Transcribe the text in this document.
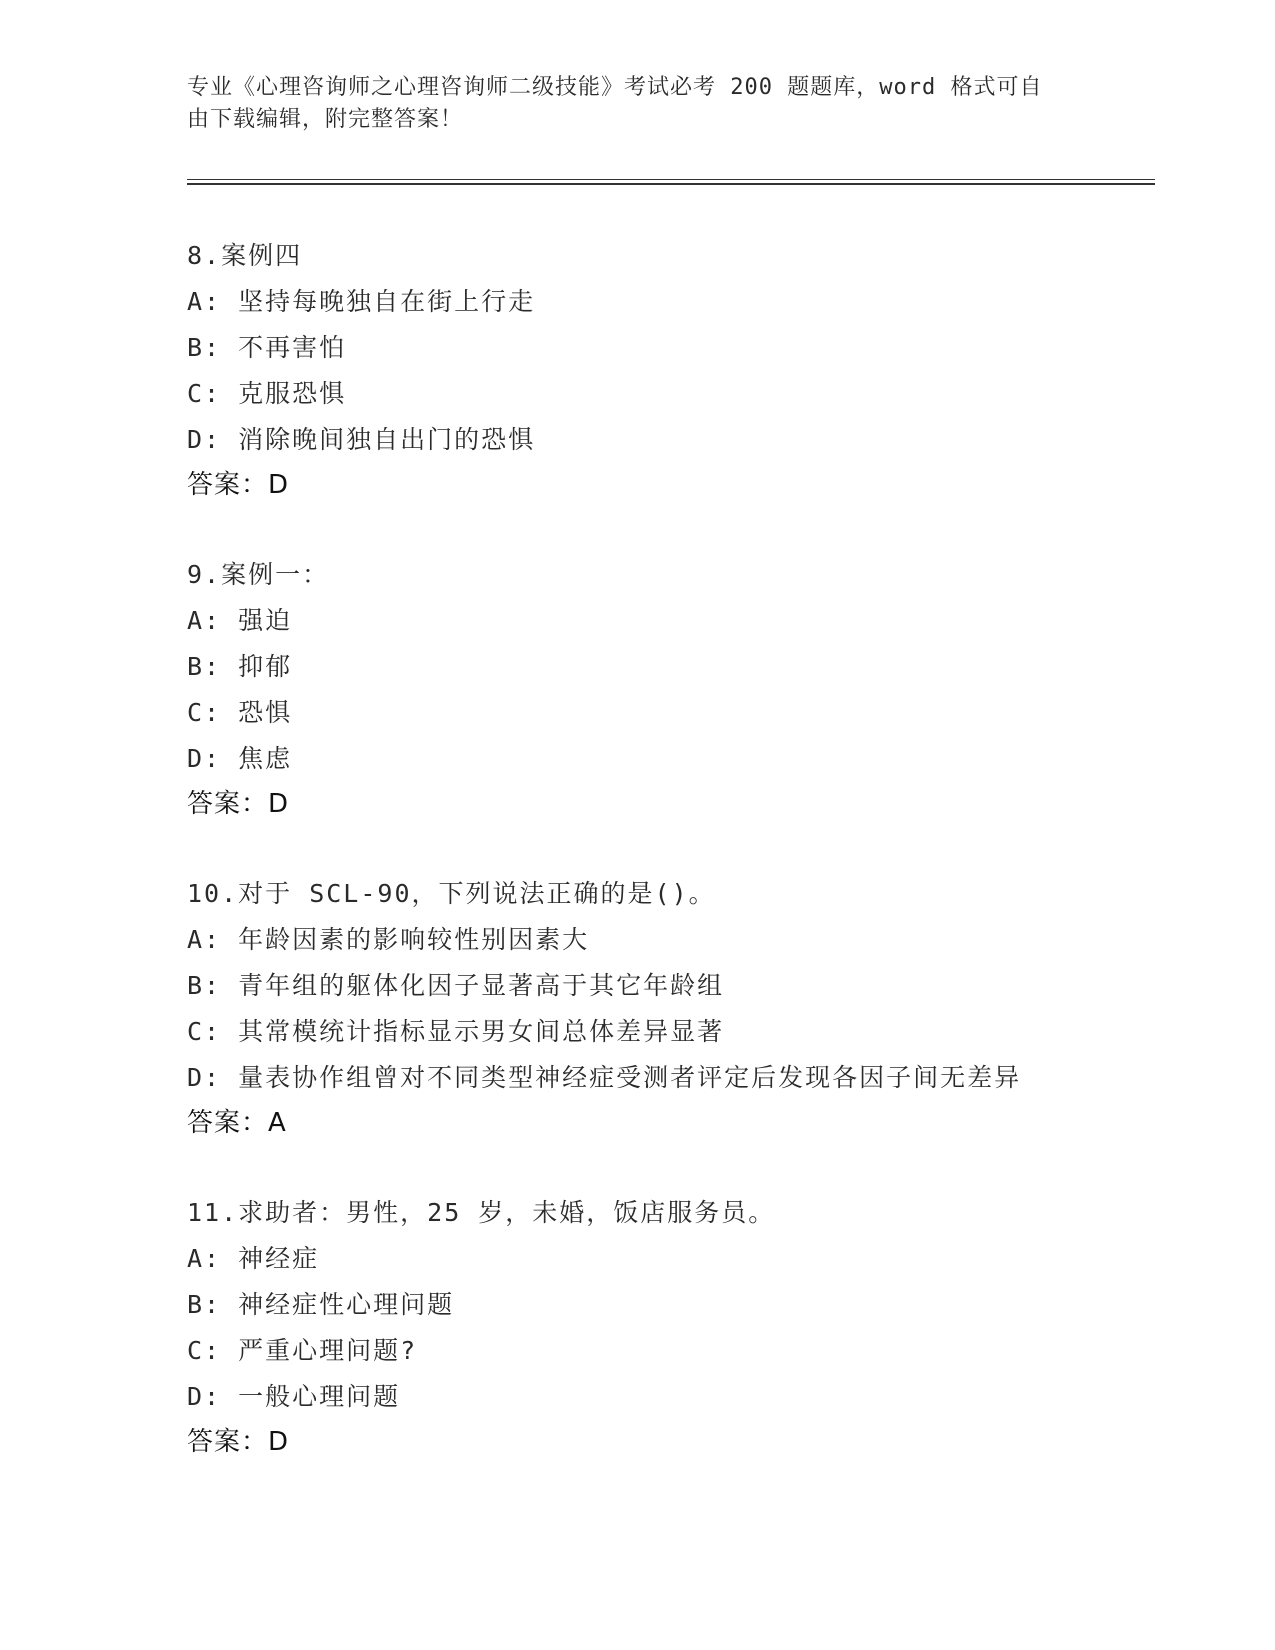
专业《心理咨询师之心理咨询师二级技能》考试必考 200 题题库，word 格式可自
由下载编辑，附完整答案！
8.案例四
A: 坚持每晚独自在街上行走
B: 不再害怕
C: 克服恐惧
D: 消除晚间独自出门的恐惧
答案：D
9.案例一：
A: 强迫
B: 抑郁
C: 恐惧
D: 焦虑
答案：D
10.对于 SCL-90，下列说法正确的是()。
A: 年龄因素的影响较性别因素大
B: 青年组的躯体化因子显著高于其它年龄组
C: 其常模统计指标显示男女间总体差异显著
D: 量表协作组曾对不同类型神经症受测者评定后发现各因子间无差异
答案：A
11.求助者：男性，25 岁，未婚，饭店服务员。
A: 神经症
B: 神经症性心理问题
C: 严重心理问题?
D: 一般心理问题
答案：D
